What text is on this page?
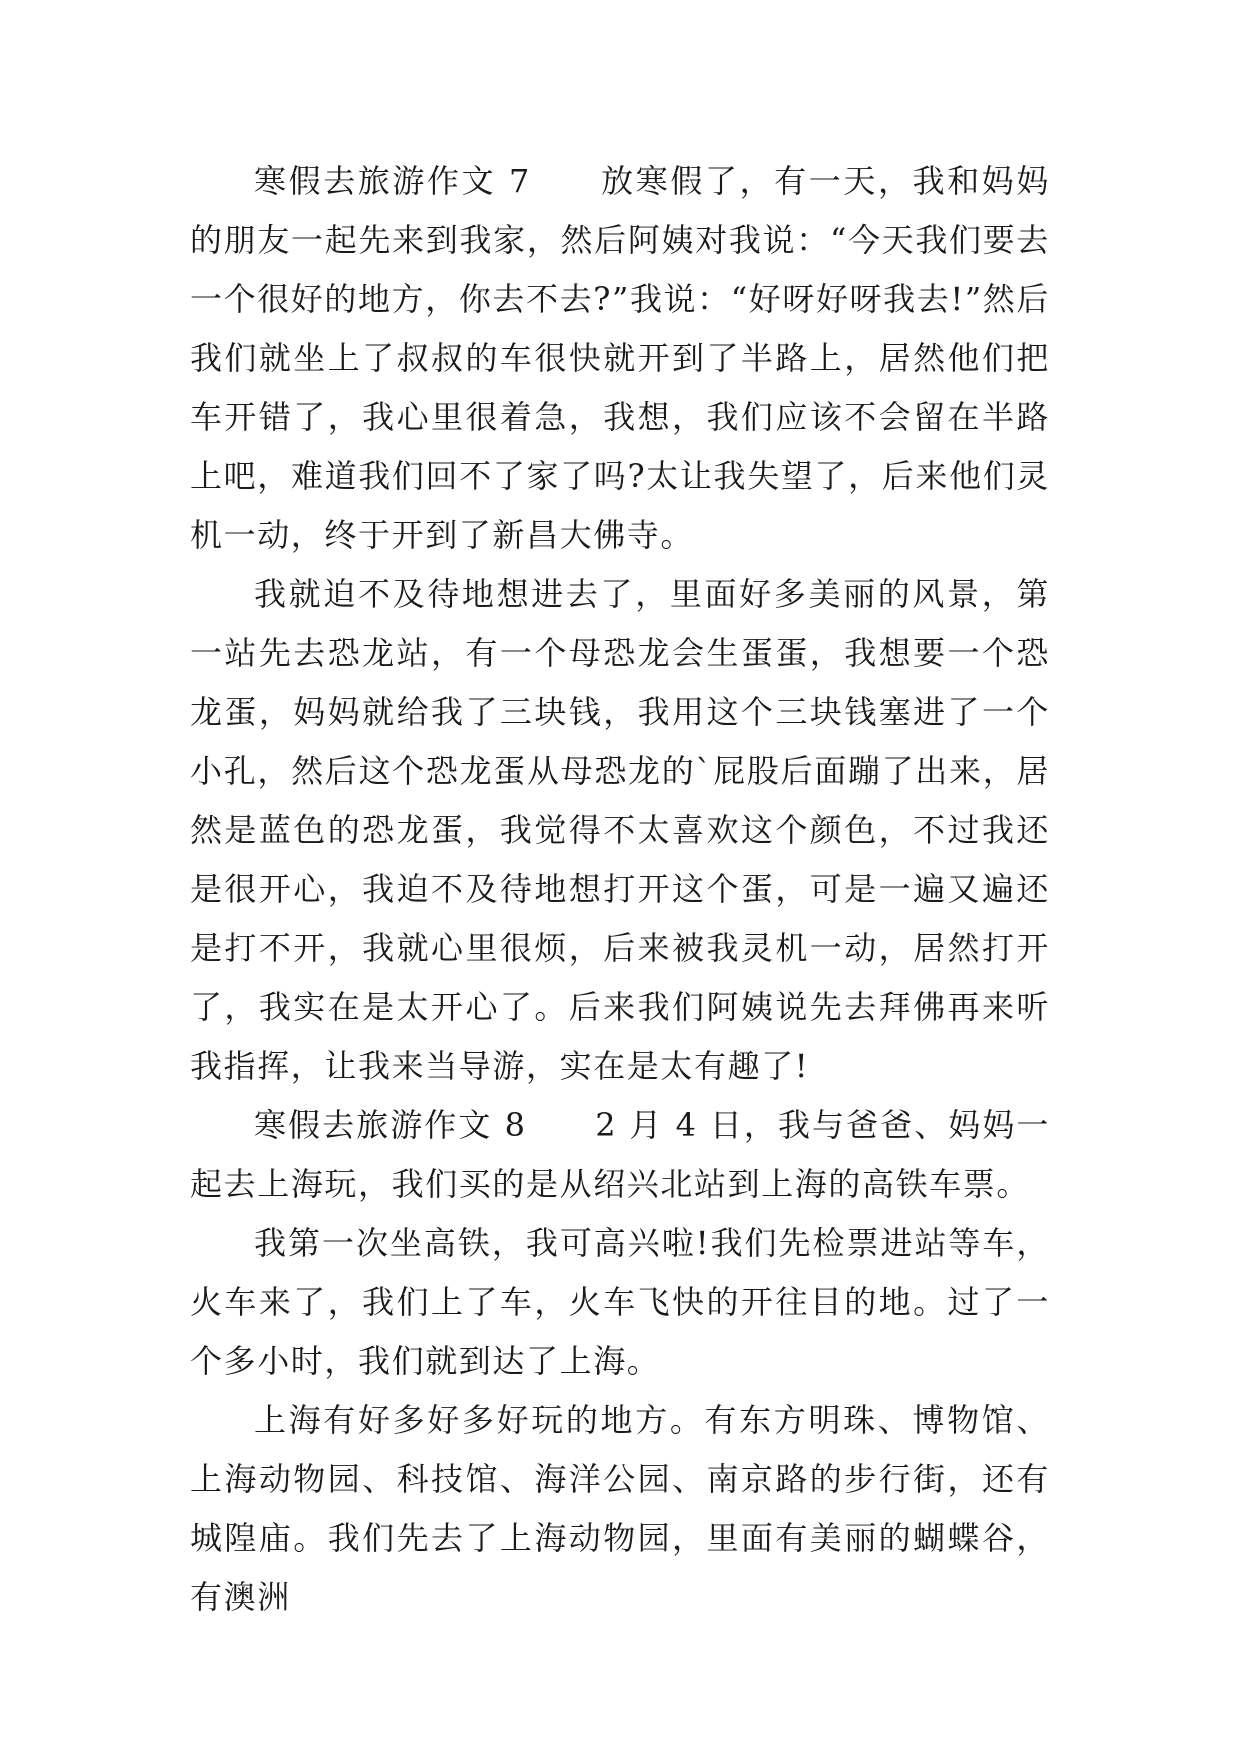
寒假去旅游作文 7　　放寒假了，有一天，我和妈妈的朋友一起先来到我家，然后阿姨对我说：“今天我们要去一个很好的地方，你去不去?”我说：“好呀好呀我去!”然后我们就坐上了叔叔的车很快就开到了半路上，居然他们把车开错了，我心里很着急，我想，我们应该不会留在半路上吧，难道我们回不了家了吗?太让我失望了，后来他们灵机一动，终于开到了新昌大佛寺。

我就迫不及待地想进去了，里面好多美丽的风景，第一站先去恐龙站，有一个母恐龙会生蛋蛋，我想要一个恐龙蛋，妈妈就给我了三块钱，我用这个三块钱塞进了一个小孔，然后这个恐龙蛋从母恐龙的`屁股后面蹦了出来，居然是蓝色的恐龙蛋，我觉得不太喜欢这个颜色，不过我还是很开心，我迫不及待地想打开这个蛋，可是一遍又遍还是打不开，我就心里很烦，后来被我灵机一动，居然打开了，我实在是太开心了。后来我们阿姨说先去拜佛再来听我指挥，让我来当导游，实在是太有趣了!

寒假去旅游作文 8　　2 月 4 日，我与爸爸、妈妈一起去上海玩，我们买的是从绍兴北站到上海的高铁车票。

我第一次坐高铁，我可高兴啦!我们先检票进站等车，火车来了，我们上了车，火车飞快的开往目的地。过了一个多小时，我们就到达了上海。

上海有好多好多好玩的地方。有东方明珠、博物馆、上海动物园、科技馆、海洋公园、南京路的步行街，还有城隍庙。我们先去了上海动物园，里面有美丽的蝴蝶谷，有澳洲
